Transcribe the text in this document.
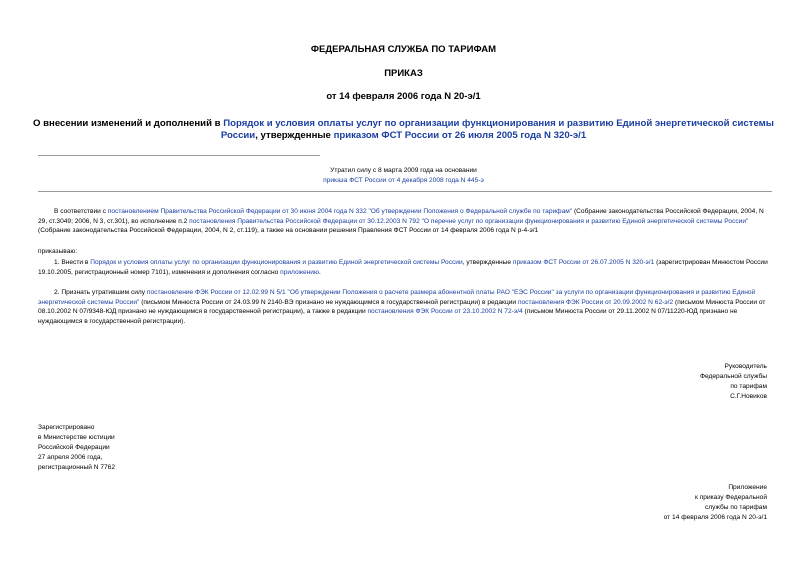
ФЕДЕРАЛЬНАЯ СЛУЖБА ПО ТАРИФАМ
ПРИКАЗ
от 14 февраля 2006 года N 20-э/1
О внесении изменений и дополнений в Порядок и условия оплаты услуг по организации функционирования и развитию Единой энергетической системы России, утвержденные приказом ФСТ России от 26 июля 2005 года N 320-э/1
Утратил силу с 8 марта 2009 года на основании
приказа ФСТ России от 4 декабря 2008 года N 445-э
В соответствии с постановлением Правительства Российской Федерации от 30 июня 2004 года N 332 "Об утверждении Положения о Федеральной службе по тарифам" (Собрание законодательства Российской Федерации, 2004, N 29, ст.3049; 2006, N 3, ст.301), во исполнение п.2 постановления Правительства Российской Федерации от 30.12.2003 N 792 "О перечне услуг по организации функционирования и развитию Единой энергетической системы России" (Собрание законодательства Российской Федерации, 2004, N 2, ст.119), а также на основании решения Правления ФСТ России от 14 февраля 2006 года N р-4-э/1
приказываю:
1. Внести в Порядок и условия оплаты услуг по организации функционирования и развитию Единой энергетической системы России, утвержденные приказом ФСТ России от 26.07.2005 N 320-э/1 (зарегистрирован Минюстом России 19.10.2005, регистрационный номер 7101), изменения и дополнения согласно приложению.
2. Признать утратившим силу постановление ФЭК России от 12.02.99 N 5/1 "Об утверждении Положения о расчете размера абонентной платы РАО "ЕЭС России" за услуги по организации функционирования и развитию Единой энергетической системы России" (письмом Минюста России от 24.03.99 N 2140-ВЭ признано не нуждающимся в государственной регистрации) в редакции постановления ФЭК России от 20.09.2002 N 62-э/2 (письмом Минюста России от 08.10.2002 N 07/9348-ЮД признано не нуждающимся в государственной регистрации), а также в редакции постановления ФЭК России от 23.10.2002 N 72-э/4 (письмом Минюста России от 29.11.2002 N 07/11220-ЮД признано не нуждающимся в государственной регистрации).
Руководитель
Федеральной службы
по тарифам
С.Г.Новиков
Зарегистрировано
в Министерстве юстиции
Российской Федерации
27 апреля 2006 года,
регистрационный N 7762
Приложение
к приказу Федеральной
службы по тарифам
от 14 февраля 2006 года N 20-э/1
